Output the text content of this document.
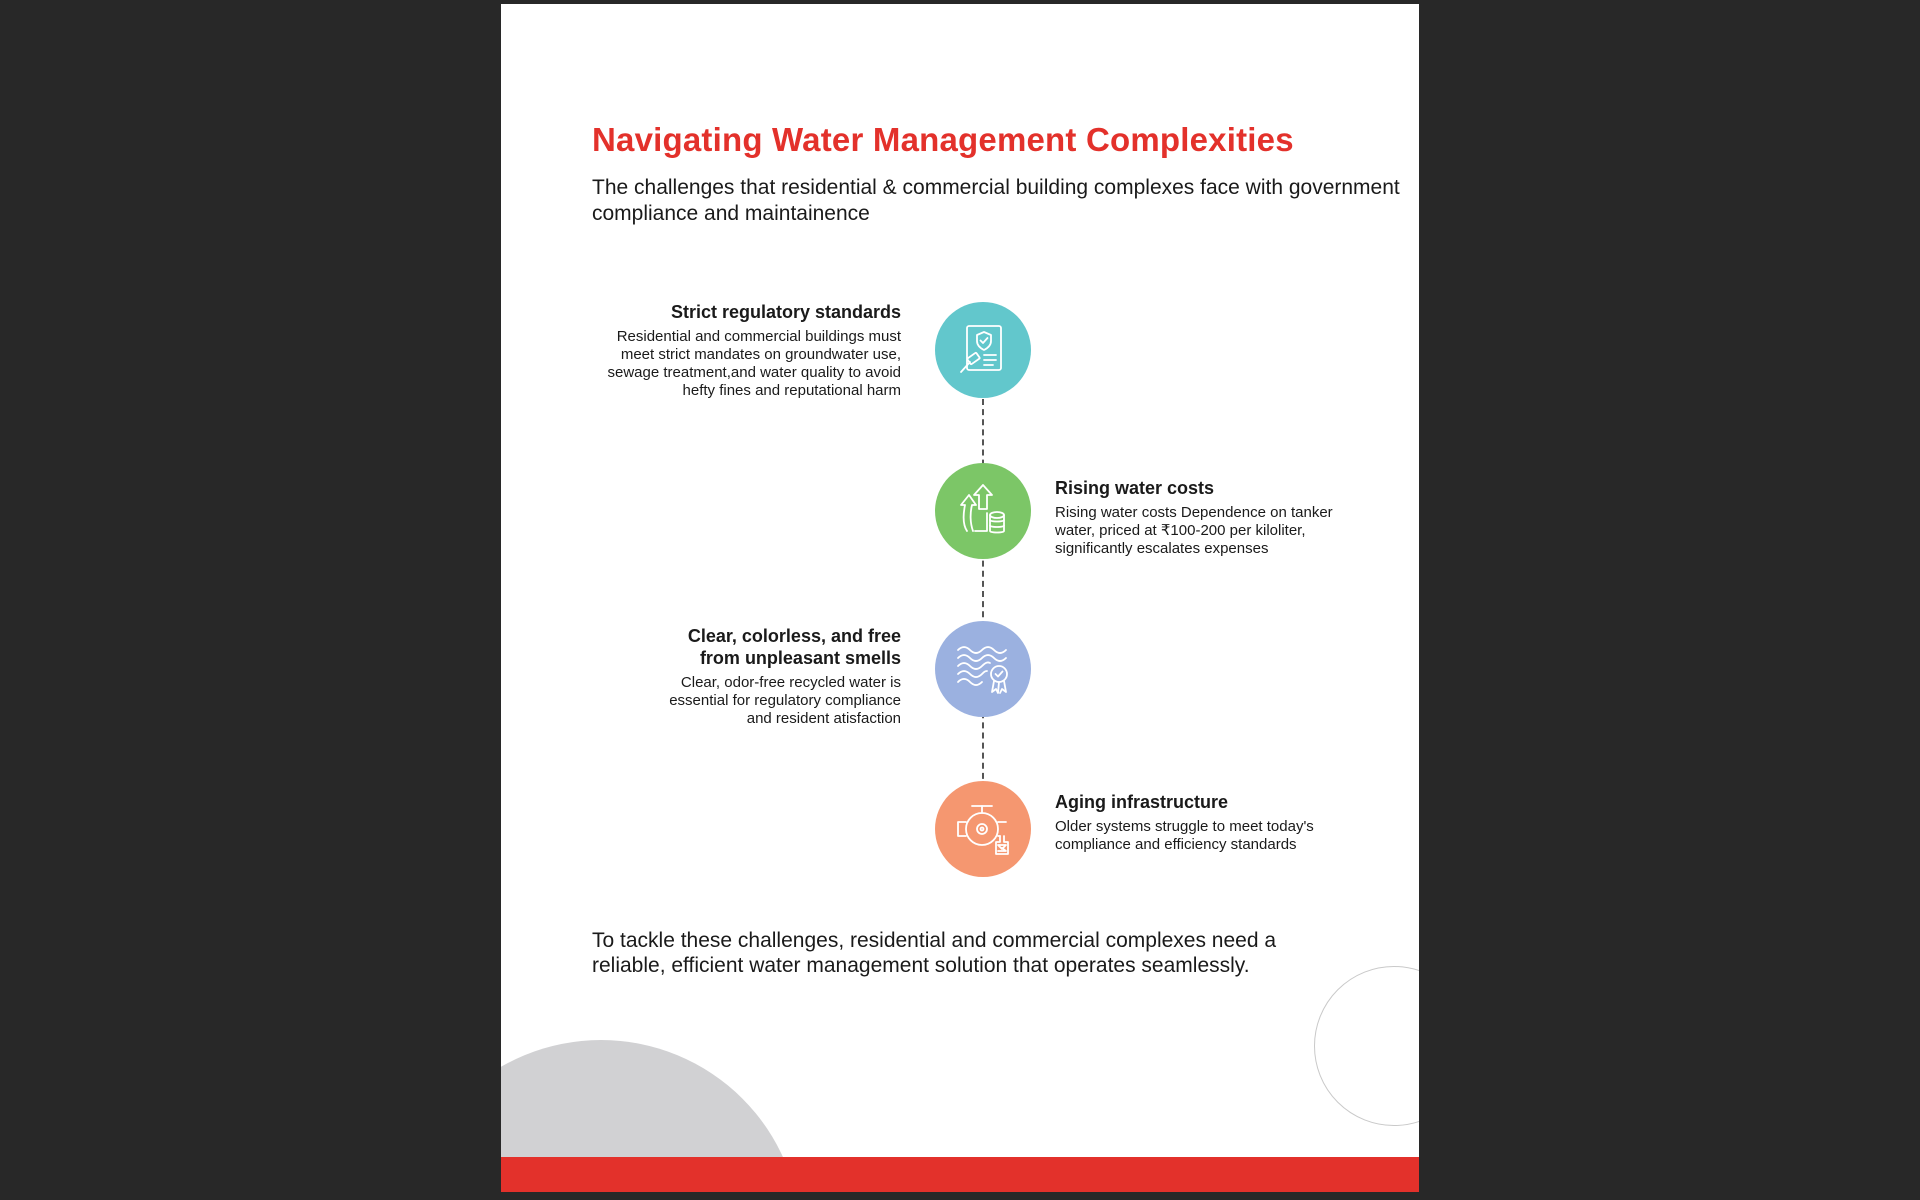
Navigating Water Management Complexities

The challenges that residential & commercial building complexes face with government compliance and maintainence

Strict regulatory standards

Residential and commercial buildings must meet strict mandates on groundwater use, sewage treatment,and water quality to avoid hefty fines and reputational harm

Rising water costs

Rising water costs Dependence on tanker water, priced at ₹100-200 per kiloliter, significantly escalates expenses

Clear, colorless, and free from unpleasant smells

Clear, odor-free recycled water is essential for regulatory compliance and resident atisfaction

Aging infrastructure

Older systems struggle to meet today's compliance and efficiency standards

To tackle these challenges, residential and commercial complexes need a reliable, efficient water management solution that operates seamlessly.
